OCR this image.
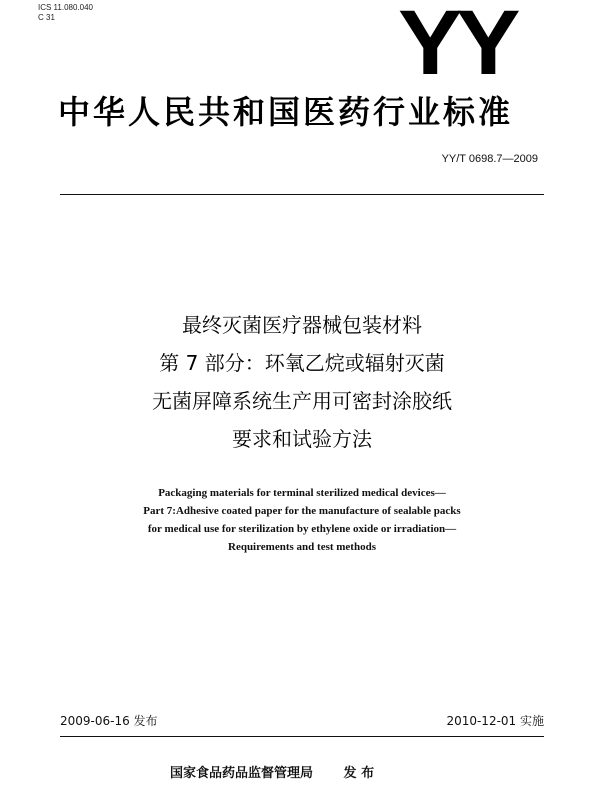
ICS 11.080.040
C 31	YY
中华人民共和国医药行业标准
YY/T 0698.7—2009
最终灭菌医疗器械包装材料
第 7 部分：环氧乙烷或辐射灭菌
无菌屏障系统生产用可密封涂胶纸
要求和试验方法
Packaging materials for terminal sterilized medical devices—
Part 7:Adhesive coated paper for the manufacture of sealable packs
for medical use for sterilization by ethylene oxide or irradiation—
Requirements and test methods
2009-06-16 发布	2010-12-01 实施
国家食品药品监督管理局 发 布
